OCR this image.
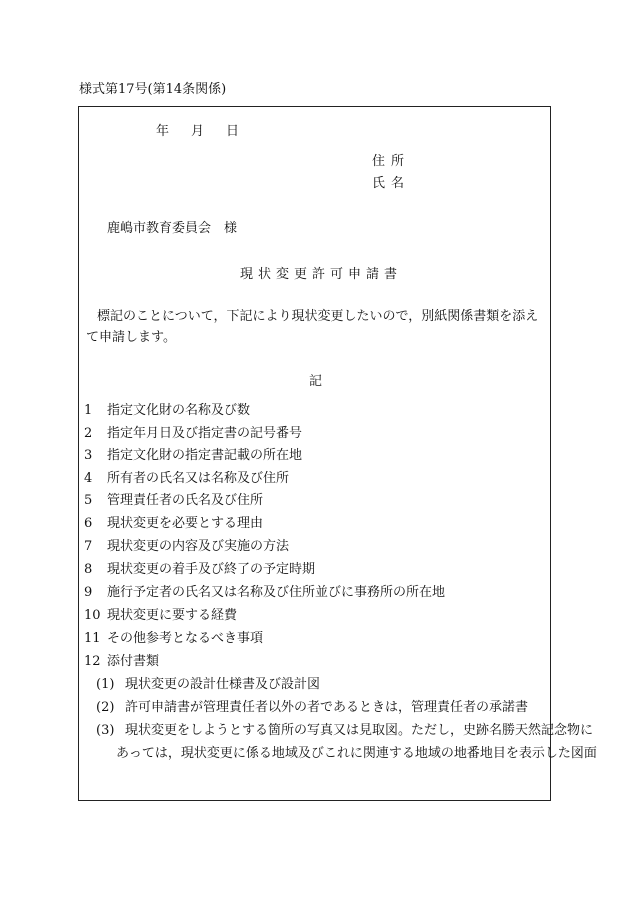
様式第17号(第14条関係)
年 月 日
住所
氏名
鹿嶋市教育委員会　様
現状変更許可申請書
標記のことについて，下記により現状変更したいので，別紙関係書類を添えて申請します。
記
1 指定文化財の名称及び数
2 指定年月日及び指定書の記号番号
3 指定文化財の指定書記載の所在地
4 所有者の氏名又は名称及び住所
5 管理責任者の氏名及び住所
6 現状変更を必要とする理由
7 現状変更の内容及び実施の方法
8 現状変更の着手及び終了の予定時期
9 施行予定者の氏名又は名称及び住所並びに事務所の所在地
10 現状変更に要する経費
11 その他参考となるべき事項
12 添付書類
(1) 現状変更の設計仕様書及び設計図
(2) 許可申請書が管理責任者以外の者であるときは，管理責任者の承諾書
(3) 現状変更をしようとする箇所の写真又は見取図。ただし，史跡名勝天然記念物に
あっては，現状変更に係る地域及びこれに関連する地域の地番地目を表示した図面
